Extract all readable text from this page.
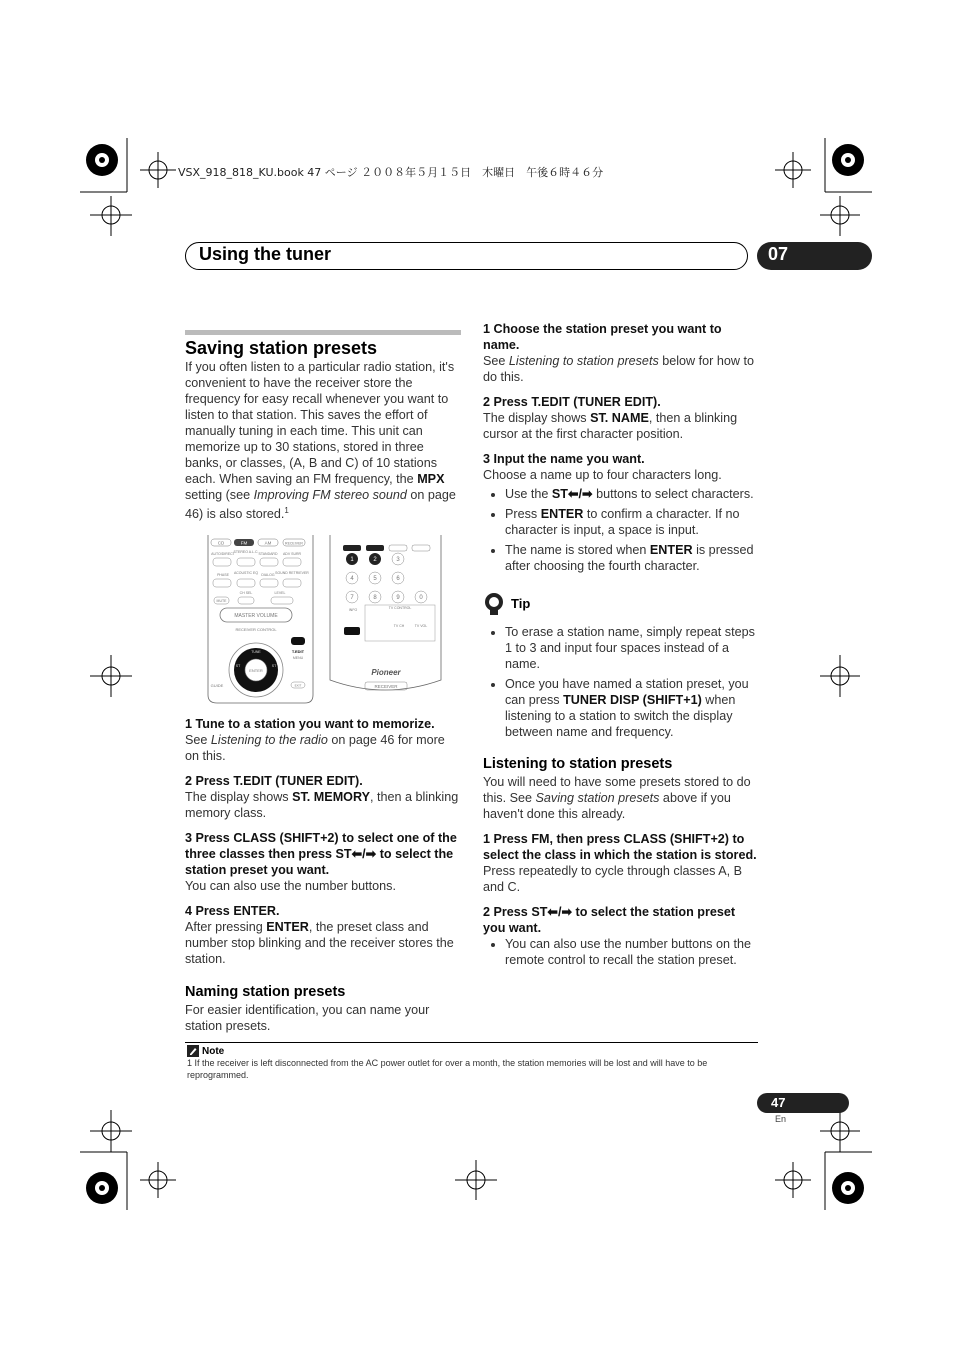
VSX_918_818_KU.book 47 ページ ２００８年５月１５日　木曜日　午後６時４６分
Using the tuner	07
Saving station presets

If you often listen to a particular radio station, it's convenient to have the receiver store the frequency for easy recall whenever you want to listen to that station. This saves the effort of manually tuning in each time. This unit can memorize up to 30 stations, stored in three banks, or classes, (A, B and C) of 10 stations each. When saving an FM frequency, the MPX setting (see Improving FM stereo sound on page 46) is also stored.$^1$

CD	FM	AM	RECEIVER
AUTO/DIRECT
STEREO A.L.C. STANDARD ADV SURR
PHASE ACOUSTIC EQ DIALOG SOUND RETRIEVER
CH SEL	LEVEL
MUTE
MASTER VOLUME
RECEIVER CONTROL
ENTER
TUNE
ST	ST
GUIDE	EXIT
T.EDIT
MENU
1	2	3
4	5	6
7	8	9	0
INFO	TV CONTROL
TV CH	TV VOL
Pioneer
RECEIVER

1 Tune to a station you want to memorize.

See Listening to the radio on page 46 for more on this.

2 Press T.EDIT (TUNER EDIT).

The display shows ST. MEMORY, then a blinking memory class.

3 Press CLASS (SHIFT+2) to select one of the three classes then press ST⬅/➡ to select the station preset you want.

You can also use the number buttons.

4 Press ENTER.

After pressing ENTER, the preset class and number stop blinking and the receiver stores the station.

Naming station presets

For easier identification, you can name your station presets.

1 Choose the station preset you want to name.

See Listening to station presets below for how to do this.

2 Press T.EDIT (TUNER EDIT).

The display shows ST. NAME, then a blinking cursor at the first character position.

3 Input the name you want.

Choose a name up to four characters long.

• Use the ST⬅/➡ buttons to select characters.
• Press ENTER to confirm a character. If no character is input, a space is input.
• The name is stored when ENTER is pressed after choosing the fourth character.
Tip
• To erase a station name, simply repeat steps 1 to 3 and input four spaces instead of a name.
• Once you have named a station preset, you can press TUNER DISP (SHIFT+1) when listening to a station to switch the display between name and frequency.
Listening to station presets

You will need to have some presets stored to do this. See Saving station presets above if you haven't done this already.

1 Press FM, then press CLASS (SHIFT+2) to select the class in which the station is stored.

Press repeatedly to cycle through classes A, B and C.

2 Press ST⬅/➡ to select the station preset you want.

• You can also use the number buttons on the remote control to recall the station preset.
Note
1 If the receiver is left disconnected from the AC power outlet for over a month, the station memories will be lost and will have to be reprogrammed.
47
En
